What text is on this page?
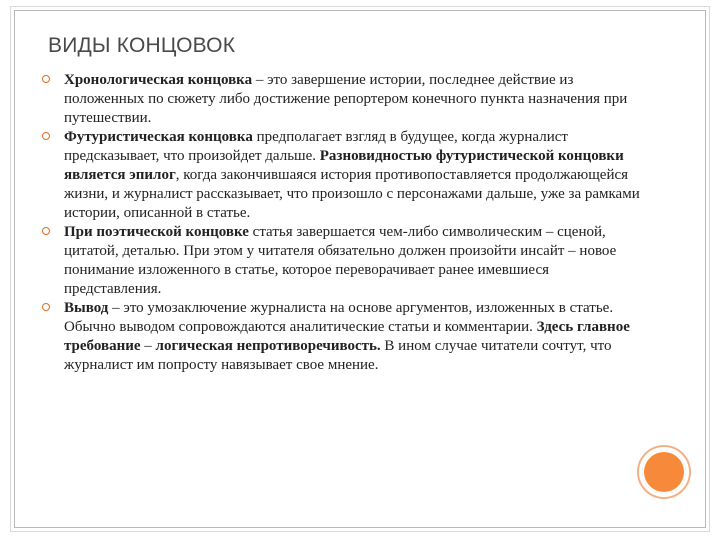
ВИДЫ КОНЦОВОК
Хронологическая концовка – это завершение истории, последнее действие из положенных по сюжету либо достижение репортером конечного пункта назначения при путешествии.
Футуристическая концовка предполагает взгляд в будущее, когда журналист предсказывает, что произойдет дальше. Разновидностью футуристической концовки является эпилог, когда закончившаяся история противопоставляется продолжающейся жизни, и журналист рассказывает, что произошло с персонажами дальше, уже за рамками истории, описанной в статье.
При поэтической концовке статья завершается чем-либо символическим – сценой, цитатой, деталью. При этом у читателя обязательно должен произойти инсайт – новое понимание изложенного в статье, которое переворачивает ранее имевшиеся представления.
Вывод – это умозаключение журналиста на основе аргументов, изложенных в статье. Обычно выводом сопровождаются аналитические статьи и комментарии. Здесь главное требование – логическая непротиворечивость. В ином случае читатели сочтут, что журналист им попросту навязывает свое мнение.
